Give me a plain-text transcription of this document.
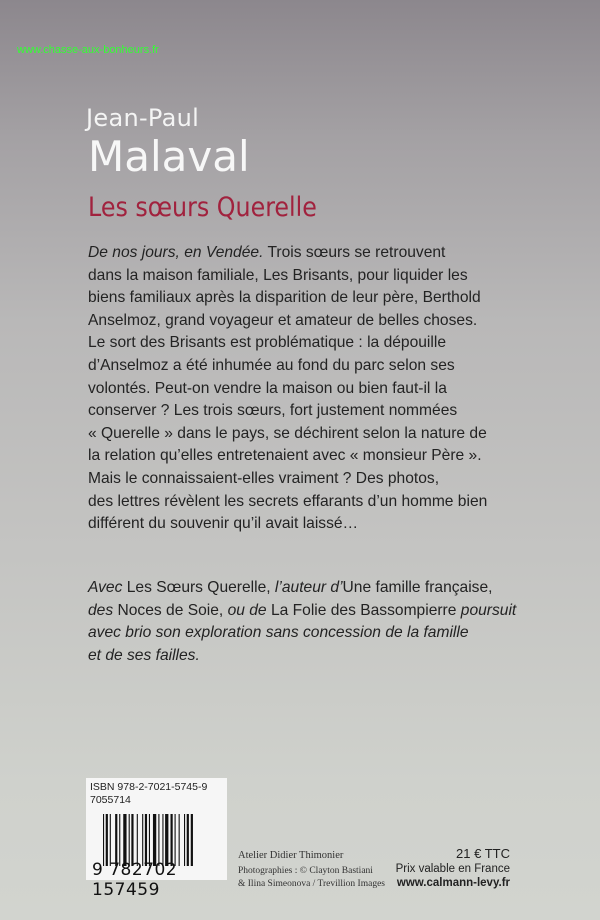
www.chasse-aux-bonheurs.fr
Jean-Paul
Malaval
Les sœurs Querelle
De nos jours, en Vendée. Trois sœurs se retrouvent
dans la maison familiale, Les Brisants, pour liquider les
biens familiaux après la disparition de leur père, Berthold
Anselmoz, grand voyageur et amateur de belles choses.
Le sort des Brisants est problématique : la dépouille
d’Anselmoz a été inhumée au fond du parc selon ses
volontés. Peut-on vendre la maison ou bien faut-il la
conserver ? Les trois sœurs, fort justement nommées
« Querelle » dans le pays, se déchirent selon la nature de
la relation qu’elles entretenaient avec « monsieur Père ».
Mais le connaissaient-elles vraiment ? Des photos,
des lettres révèlent les secrets effarants d’un homme bien
différent du souvenir qu’il avait laissé…
Avec Les Sœurs Querelle, l’auteur d’Une famille française,
des Noces de Soie, ou de La Folie des Bassompierre poursuit
avec brio son exploration sans concession de la famille
et de ses failles.
ISBN 978-2-7021-5745-9
7055714
9 782702 157459
Atelier Didier Thimonier
Photographies : © Clayton Bastiani
& Ilina Simeonova / Trevillion Images
21 € TTC
Prix valable en France
www.calmann-levy.fr
